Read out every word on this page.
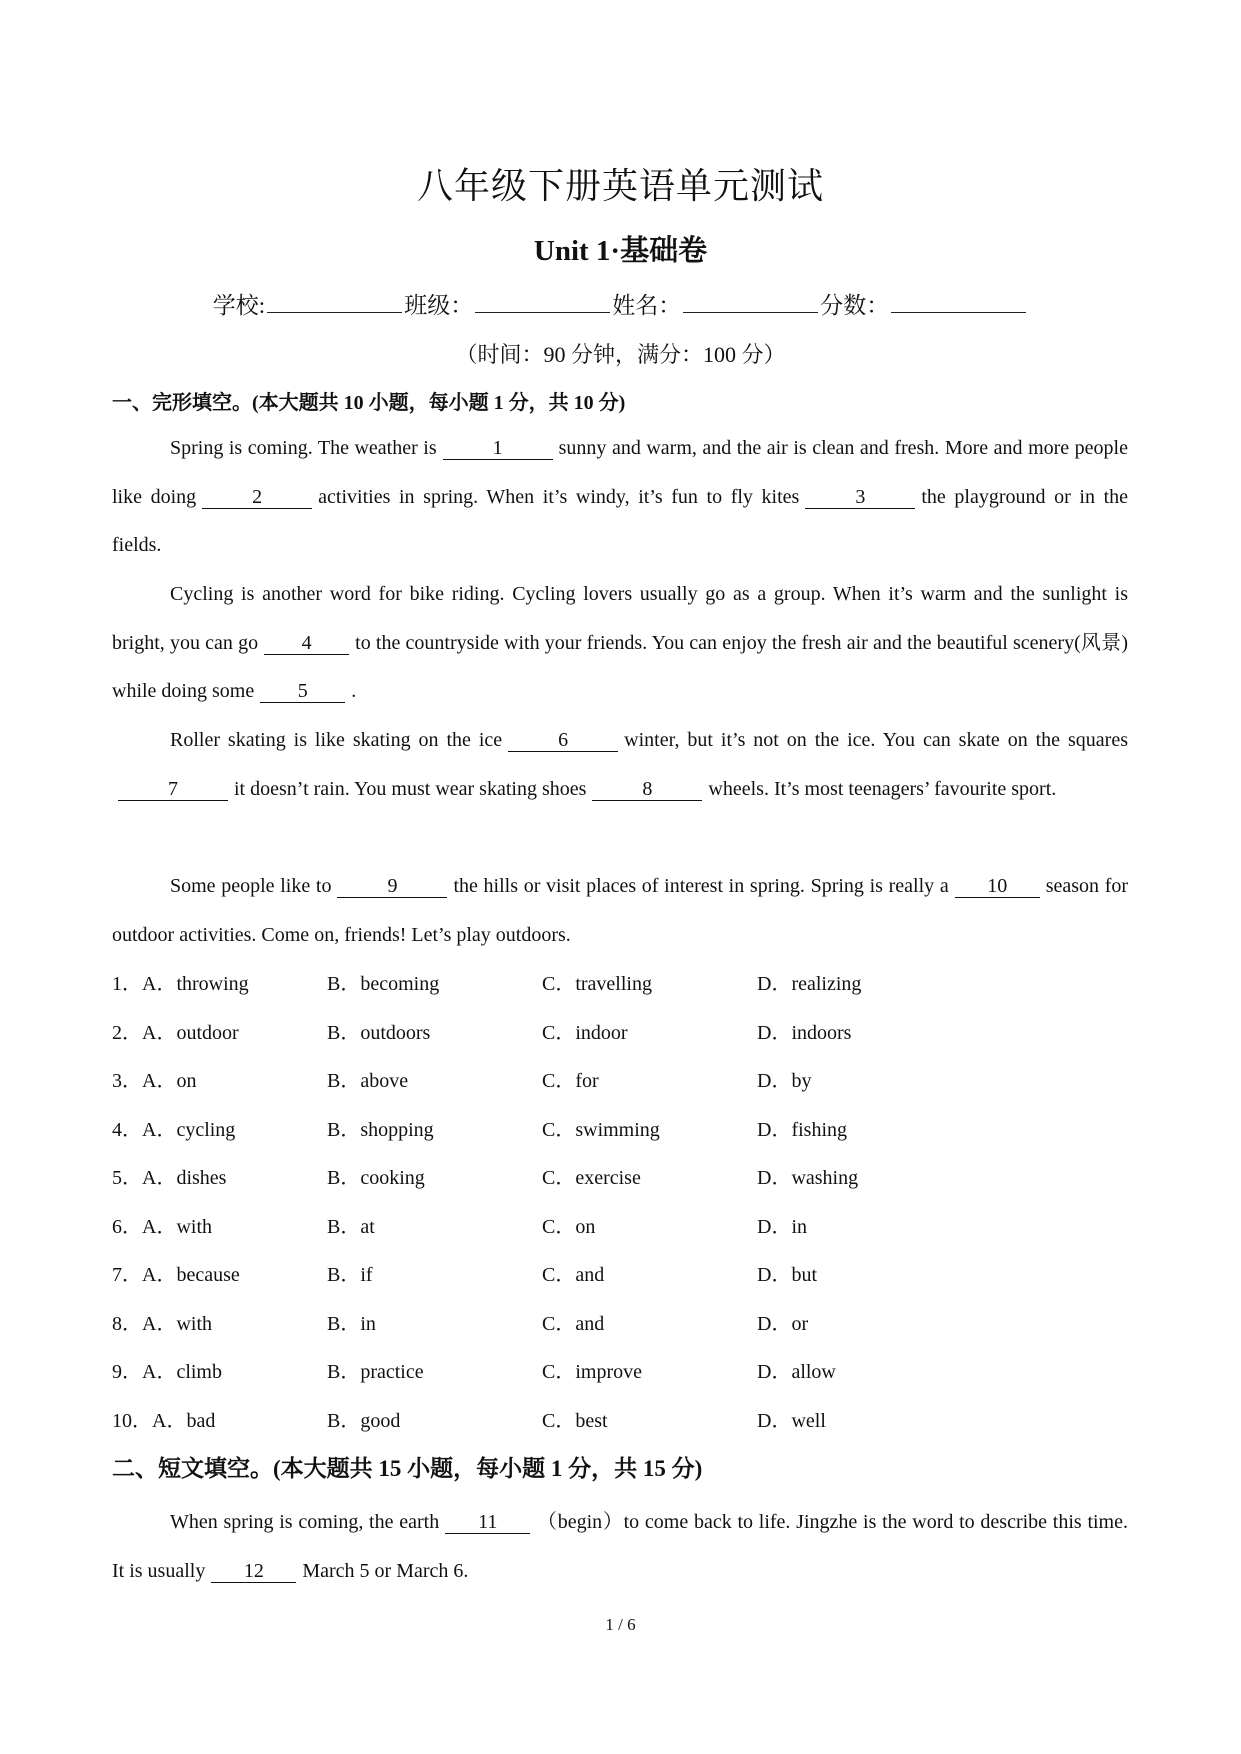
八年级下册英语单元测试
Unit 1·基础卷
学校:	班级：	姓名：	分数：
（时间：90 分钟，满分：100 分）
一、完形填空。(本大题共 10 小题，每小题 1 分，共 10 分)
Spring is coming. The weather is	1	sunny and warm, and the air is clean and fresh. More and more people like doing	2	activities in spring. When it’s windy, it’s fun to fly kites	3	the playground or in the fields.
Cycling is another word for bike riding. Cycling lovers usually go as a group. When it’s warm and the sunlight is bright, you can go 4 to the countryside with your friends. You can enjoy the fresh air and the beautiful scenery(风景) while doing some 5 .
Roller skating is like skating on the ice	6	winter, but it’s not on the ice. You can skate on the squares7	it doesn’t rain. You must wear skating shoes	8	wheels. It’s most teenagers’ favourite sport.
Some people like to	9	the hills or visit places of interest in spring. Spring is really a 10 season for outdoor activities. Come on, friends! Let’s play outdoors.
1．A．throwing	B．becoming	C．travelling	D．realizing
2．A．outdoor	B．outdoors	C．indoor	D．indoors
3．A．on	B．above	C．for	D．by
4．A．cycling	B．shopping	C．swimming	D．fishing
5．A．dishes	B．cooking	C．exercise	D．washing
6．A．with	B．at	C．on	D．in
7．A．because	B．if	C．and	D．but
8．A．with	B．in	C．and	D．or
9．A．climb	B．practice	C．improve	D．allow
10．A．bad	B．good	C．best	D．well
二、短文填空。(本大题共 15 小题，每小题 1 分，共 15 分)
When spring is coming, the earth 11 （begin）to come back to life. Jingzhe is the word to describe this time. It is usually 12 March 5 or March 6.
1 / 6
